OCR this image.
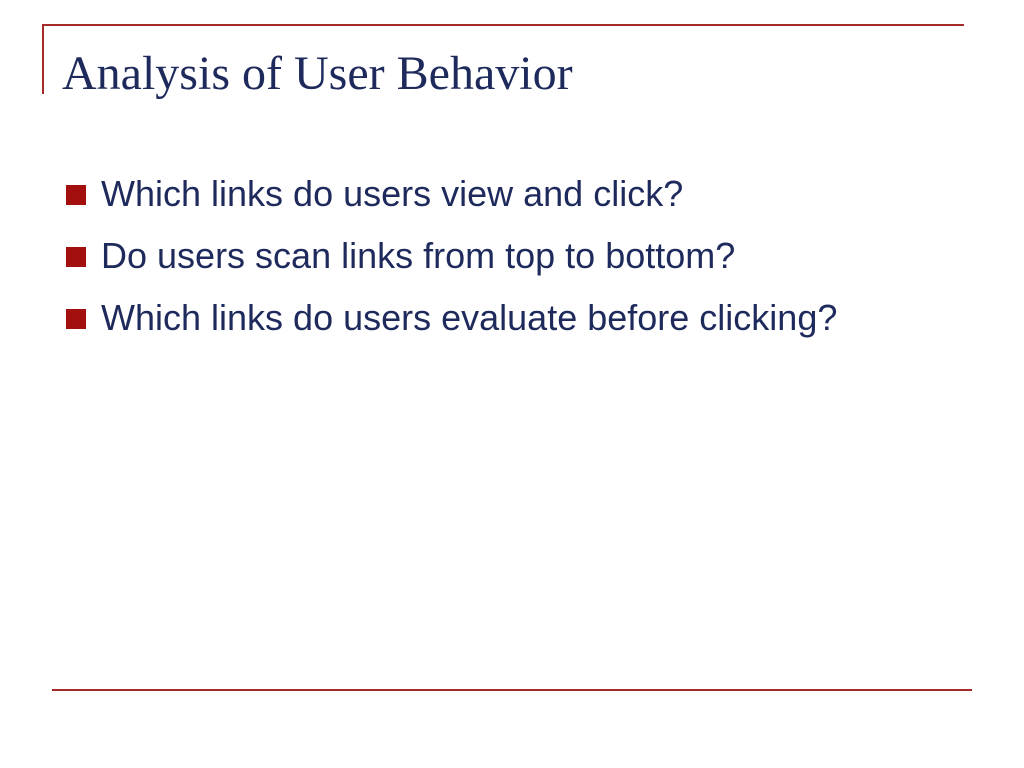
Analysis of User Behavior
Which links do users view and click?
Do users scan links from top to bottom?
Which links do users evaluate before clicking?
